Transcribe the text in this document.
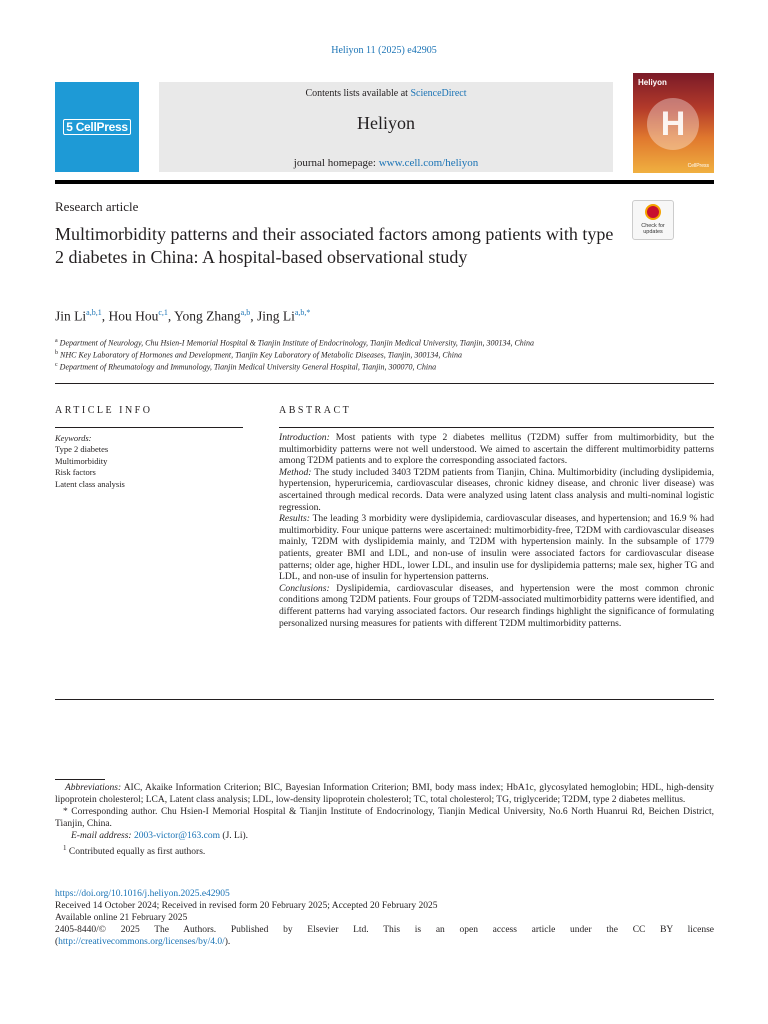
Heliyon 11 (2025) e42905
5 CellPress
Contents lists available at ScienceDirect
Heliyon
journal homepage: www.cell.com/heliyon
Heliyon
H
CellPress
Research article
Check for updates
Multimorbidity patterns and their associated factors among patients with type 2 diabetes in China: A hospital-based observational study
Jin Li$^{a,b,1}$, Hou Hou$^{c,1}$, Yong Zhang$^{a,b}$, Jing $Li^{a,b,*}$
$^a$ Department of Neurology, Chu Hsien-I Memorial Hospital & Tianjin Institute of Endocrinology, Tianjin Medical University, Tianjin, 300134, China
$^b$ NHC Key Laboratory of Hormones and Development, Tianjin Key Laboratory of Metabolic Diseases, Tianjin, 300134, China
$^c$ Department of Rheumatology and Immunology, Tianjin Medical University General Hospital, Tianjin, 300070, China
ARTICLE INFO	ABSTRACT
Keywords:
Type 2 diabetes
Multimorbidity
Risk factors
Latent class analysis

Introduction: Most patients with type 2 diabetes mellitus (T2DM) suffer from multimorbidity, but the multimorbidity patterns were not well understood. We aimed to ascertain the different multimorbidity patterns among T2DM patients and to explore the corresponding associated factors.

Method: The study included 3403 T2DM patients from Tianjin, China. Multimorbidity (including dyslipidemia, hypertension, hyperuricemia, cardiovascular diseases, chronic kidney disease, and chronic liver disease) was ascertained through medical records. Data were analyzed using latent class analysis and multi-nominal logistic regression.

Results: The leading 3 morbidity were dyslipidemia, cardiovascular diseases, and hypertension; and 16.9 % had multimorbidity. Four unique patterns were ascertained: multimorbidity-free, T2DM with cardiovascular diseases mainly, T2DM with dyslipidemia mainly, and T2DM with hypertension mainly. In the subsample of 1779 patients, greater BMI and LDL, and non-use of insulin were associated factors for cardiovascular disease patterns; older age, higher HDL, lower LDL, and insulin use for dyslipidemia patterns; male sex, higher TG and LDL, and non-use of insulin for hypertension patterns.

Conclusions: Dyslipidemia, cardiovascular diseases, and hypertension were the most common chronic conditions among T2DM patients. Four groups of T2DM-associated multimorbidity patterns were identified, and different patterns had varying associated factors. Our research findings highlight the significance of formulating personalized nursing measures for patients with different T2DM multimorbidity patterns.

Abbreviations: AIC, Akaike Information Criterion; BIC, Bayesian Information Criterion; BMI, body mass index; HbA1c, glycosylated hemoglobin; HDL, high-density lipoprotein cholesterol; LCA, Latent class analysis; LDL, low-density lipoprotein cholesterol; TC, total cholesterol; TG, triglyceride; T2DM, type 2 diabetes mellitus.

* Corresponding author. Chu Hsien-I Memorial Hospital & Tianjin Institute of Endocrinology, Tianjin Medical University, No.6 North Huanrui Rd, Beichen District, Tianjin, China.

E-mail address: 2003-victor@163.com (J. Li).

$^1$ Contributed equally as first authors.

https://doi.org/10.1016/j.heliyon.2025.e42905

Received 14 October 2024; Received in revised form 20 February 2025; Accepted 20 February 2025

Available online 21 February 2025

2405-8440/© 2025 The Authors. Published by Elsevier Ltd. This is an open access article under the CC BY license

(http://creativecommons.org/licenses/by/4.0/).
